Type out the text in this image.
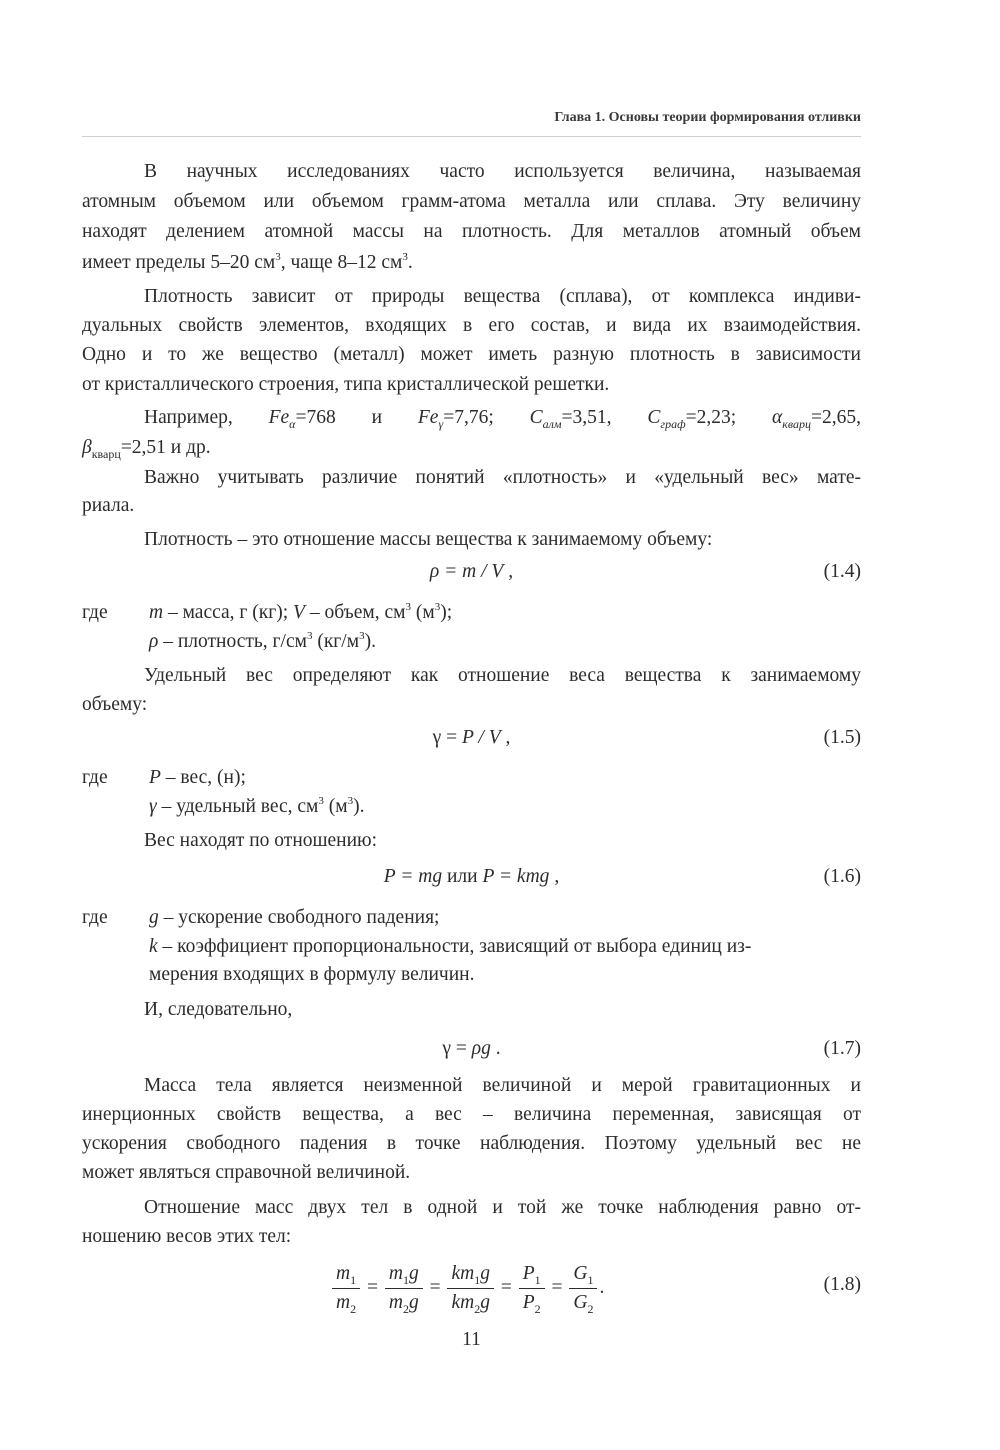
Глава 1. Основы теории формирования отливки
В научных исследованиях часто используется величина, называемая
атомным объемом или объемом грамм-атома металла или сплава. Эту величину
находят делением атомной массы на плотность. Для металлов атомный объем
имеет пределы 5–20 $см^3$, чаще 8–12 $см^3$.
Плотность зависит от природы вещества (сплава), от комплекса индиви-
дуальных свойств элементов, входящих в его состав, и вида их взаимодействия.
Одно и то же вещество (металл) может иметь разную плотность в зависимости
от кристаллического строения, типа кристаллической решетки.
Например, $Fe_\alpha=768$ и $Fe_\gamma=7,76$; $C_{алм}=3,51$, $C_{граф}=2,23$; $\alpha_{кварц}=2,65$,
$\beta_{кварц}=2,51$ и др.
Важно учитывать различие понятий «плотность» и «удельный вес» мате-
риала.
Плотность – это отношение массы вещества к занимаемому объему:
ρ = m / V ,	(1.4)
где m – масса, г (кг); V – объем, $см^3$ $(м^3)$;
ρ – плотность, $г/см^3$ $(кг/м^3)$.
Удельный вес определяют как отношение веса вещества к занимаемому
объему:
γ = P / V ,	(1.5)
где P – вес, (н);
γ – удельный вес, $см^3$ $(м^3)$.
Вес находят по отношению:
P = mg или P = kmg ,	(1.6)
где g – ускорение свободного падения;
k – коэффициент пропорциональности, зависящий от выбора единиц из-
мерения входящих в формулу величин.
И, следовательно,
γ = ρg .	(1.7)
Масса тела является неизменной величиной и мерой гравитационных и
инерционных свойств вещества, а вес – величина переменная, зависящая от
ускорения свободного падения в точке наблюдения. Поэтому удельный вес не
может являться справочной величиной.
Отношение масс двух тел в одной и той же точке наблюдения равно от-
ношению весов этих тел:
$\frac{m_1}{m_2} = \frac{m_1g}{m_2g} = \frac{km_1g}{km_2g} = \frac{P_1}{P_2} = \frac{G_1}{G_2}$ .	(1.8)
11
